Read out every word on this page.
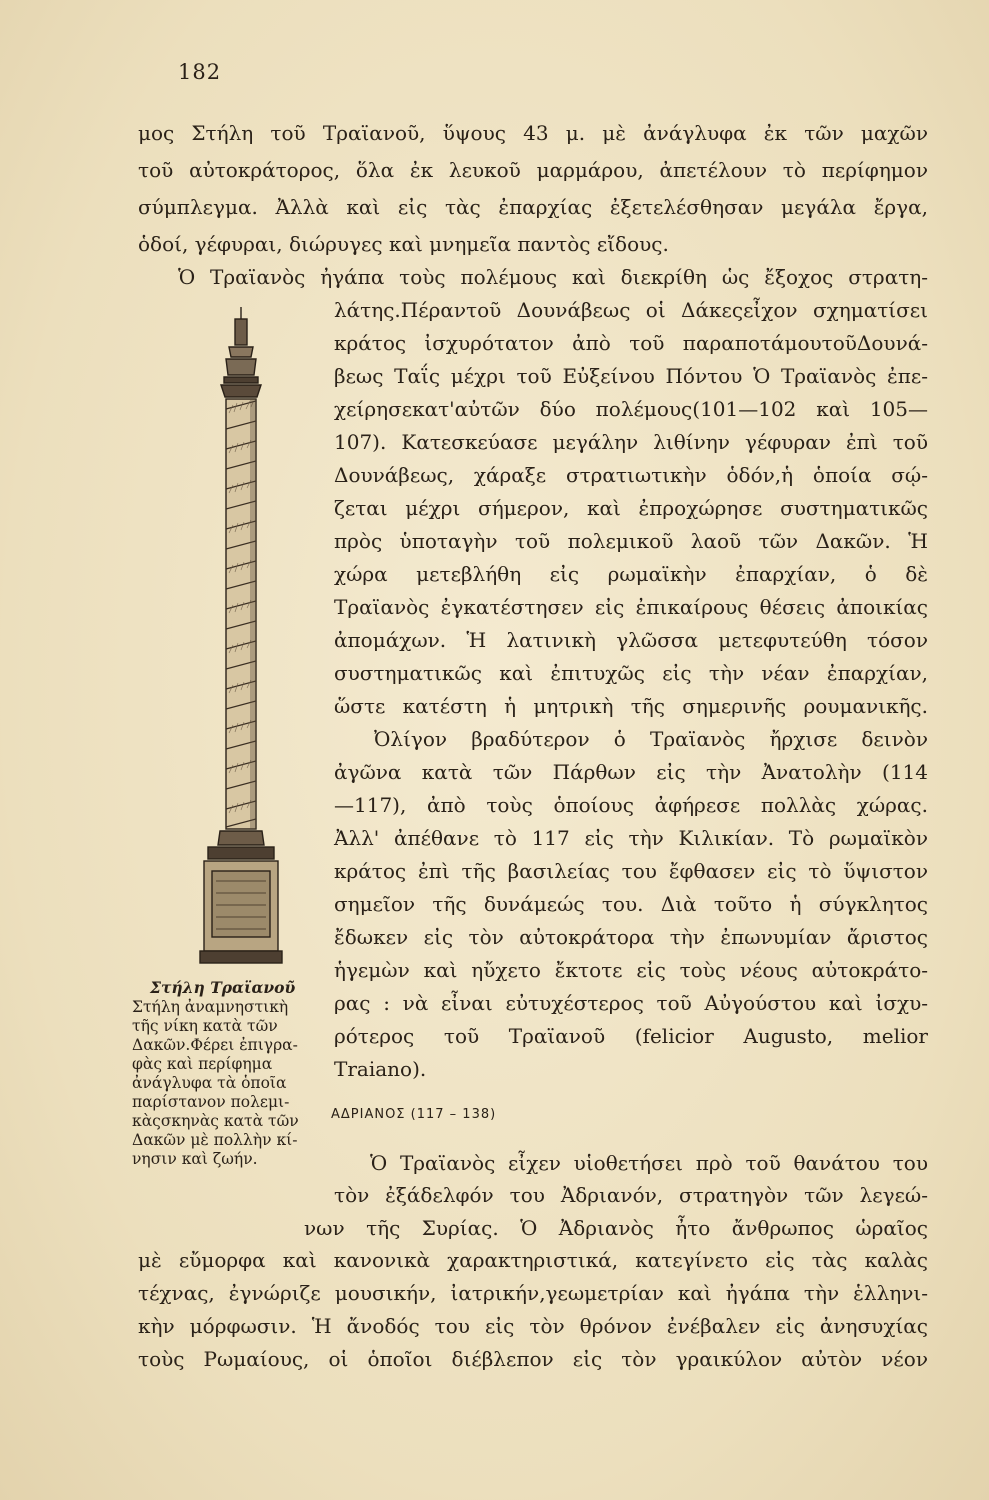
182
μος Στήλη τοῦ Τραϊανοῦ, ὕψους 43 μ. μὲ ἀνάγλυφα ἐκ τῶν μαχῶν
τοῦ αὐτοκράτορος, ὅλα ἐκ λευκοῦ μαρμάρου, ἀπετέλουν τὸ περίφημον
σύμπλεγμα. Ἀλλὰ καὶ εἰς τὰς ἐπαρχίας ἐξετελέσθησαν μεγάλα ἔργα,
ὁδοί, γέφυραι, διώρυγες καὶ μνημεῖα παντὸς εἴδους.
Ὁ Τραϊανὸς ἠγάπα τοὺς πολέμους καὶ διεκρίθη ὡς ἔξοχος στρατη-
λάτης.Πέραντοῦ Δουνάβεως οἱ Δάκεςεἶχον σχηματίσει
κράτος ἰσχυρότατον ἀπὸ τοῦ παραποτάμουτοῦΔουνά-
βεως Ταΐς μέχρι τοῦ Εὐξείνου Πόντου Ὁ Τραϊανὸς ἐπε-
χείρησεκατ'αὐτῶν δύο πολέμους(101—102 καὶ 105—
107). Κατεσκεύασε μεγάλην λιθίνην γέφυραν ἐπὶ τοῦ
Δουνάβεως, χάραξε στρατιωτικὴν ὁδόν,ἡ ὁποία σῴ-
ζεται μέχρι σήμερον, καὶ ἐπροχώρησε συστηματικῶς
πρὸς ὑποταγὴν τοῦ πολεμικοῦ λαοῦ τῶν Δακῶν. Ἡ
χώρα μετεβλήθη εἰς ρωμαϊκὴν ἐπαρχίαν, ὁ δὲ
Τραϊανὸς ἐγκατέστησεν εἰς ἐπικαίρους θέσεις ἀποικίας
ἀπομάχων. Ἡ λατινικὴ γλῶσσα μετεφυτεύθη τόσον
συστηματικῶς καὶ ἐπιτυχῶς εἰς τὴν νέαν ἐπαρχίαν,
ὥστε κατέστη ἡ μητρικὴ τῆς σημερινῆς ρουμανικῆς.
Ὀλίγον βραδύτερον ὁ Τραϊανὸς ἤρχισε δεινὸν
ἀγῶνα κατὰ τῶν Πάρθων εἰς τὴν Ἀνατολὴν (114
—117), ἀπὸ τοὺς ὁποίους ἀφήρεσε πολλὰς χώρας.
Ἀλλ' ἀπέθανε τὸ 117 εἰς τὴν Κιλικίαν. Τὸ ρωμαϊκὸν
κράτος ἐπὶ τῆς βασιλείας του ἔφθασεν εἰς τὸ ὕψιστον
σημεῖον τῆς δυνάμεώς του. Διὰ τοῦτο ἡ σύγκλητος
ἔδωκεν εἰς τὸν αὐτοκράτορα τὴν ἐπωνυμίαν ἄριστος
ἡγεμὼν καὶ ηὔχετο ἔκτοτε εἰς τοὺς νέους αὐτοκράτο-
ρας : νὰ εἶναι εὐτυχέστερος τοῦ Αὐγούστου καὶ ἰσχυ-
ρότερος τοῦ Τραϊανοῦ (felicior Augusto, melior
Traiano).
Στήλη Τραϊανοῦ
Στήλη ἀναμνηστικὴ
τῆς νίκη κατὰ τῶν
Δακῶν.Φέρει ἐπιγρα-
φὰς καὶ περίφημα
ἀνάγλυφα τὰ ὁποῖα
παρίστανον πολεμι-
κὰςσκηνὰς κατὰ τῶν
Δακῶν μὲ πολλὴν κί-
νησιν καὶ ζωήν.
ΑΔΡΙΑΝΟΣ (117 – 138)
Ὁ Τραϊανὸς εἶχεν υἱοθετήσει πρὸ τοῦ θανάτου του
τὸν ἐξάδελφόν του Ἀδριανόν, στρατηγὸν τῶν λεγεώ-
νων τῆς Συρίας. Ὁ Ἀδριανὸς ἦτο ἄνθρωπος ὡραῖος
μὲ εὔμορφα καὶ κανονικὰ χαρακτηριστικά, κατεγίνετο εἰς τὰς καλὰς
τέχνας, ἐγνώριζε μουσικήν, ἰατρικήν,γεωμετρίαν καὶ ἠγάπα τὴν ἑλληνι-
κὴν μόρφωσιν. Ἡ ἄνοδός του εἰς τὸν θρόνον ἐνέβαλεν εἰς ἀνησυχίας
τοὺς Ρωμαίους, οἱ ὁποῖοι διέβλεπον εἰς τὸν γραικύλον αὐτὸν νέον
